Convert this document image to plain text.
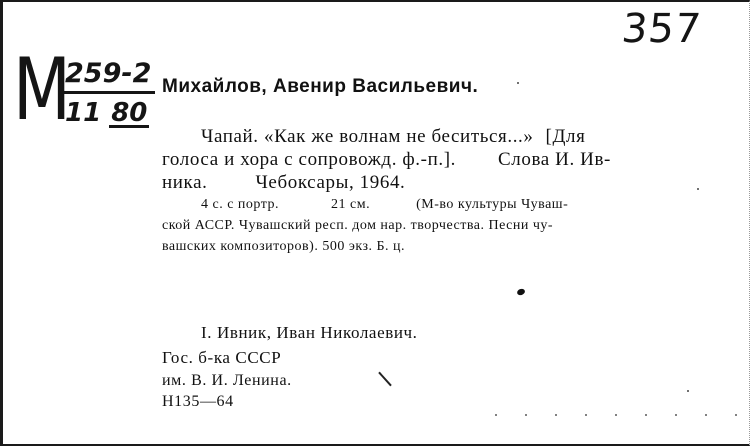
357
М
259-2
11 80
Михайлов, Авенир Васильевич.
Чапай. «Как же волнам не беситься...» [Для
голоса и хора с сопровожд. ф.-п.]. Слова И. Ив-
ника.	Чебоксары, 1964.
4 с. с портр.	21 см.	(М-во культуры Чуваш-
ской АССР. Чувашский респ. дом нар. творчества. Песни чу-
вашских композиторов). 500 экз. Б. ц.
I. Ивник, Иван Николаевич.
Гос. б-ка СССР
им. В. И. Ленина.
Н135—64
